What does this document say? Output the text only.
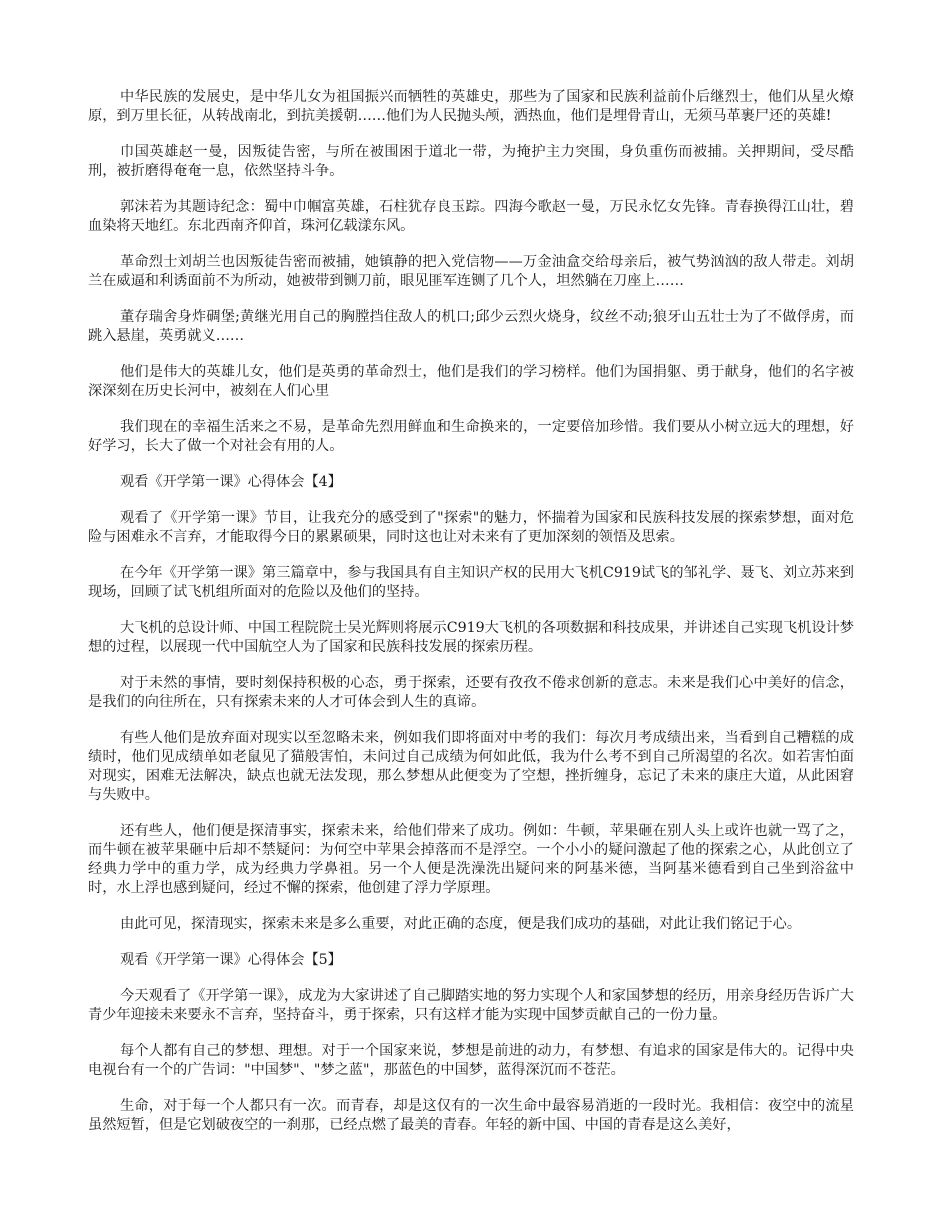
中华民族的发展史，是中华儿女为祖国振兴而牺牲的英雄史，那些为了国家和民族利益前仆后继烈士，他们从星火燎原，到万里长征，从转战南北，到抗美援朝……他们为人民抛头颅，洒热血，他们是埋骨青山，无须马革裹尸还的英雄!

巾国英雄赵一曼，因叛徒告密，与所在被围困于道北一带，为掩护主力突围，身负重伤而被捕。关押期间，受尽酷刑，被折磨得奄奄一息，依然坚持斗争。

郭沫若为其题诗纪念：蜀中巾帼富英雄，石柱犹存良玉踪。四海今歌赵一曼，万民永忆女先锋。青春换得江山壮，碧血染将天地红。东北西南齐仰首，珠河亿载漾东风。

革命烈士刘胡兰也因叛徒告密而被捕，她镇静的把入党信物——万金油盒交给母亲后，被气势汹汹的敌人带走。刘胡兰在威逼和利诱面前不为所动，她被带到铡刀前，眼见匪军连铡了几个人，坦然躺在刀座上……

董存瑞舍身炸碉堡;黄继光用自己的胸膛挡住敌人的机口;邱少云烈火烧身，纹丝不动;狼牙山五壮士为了不做俘虏，而跳入悬崖，英勇就义……

他们是伟大的英雄儿女，他们是英勇的革命烈士，他们是我们的学习榜样。他们为国捐躯、勇于献身，他们的名字被深深刻在历史长河中，被刻在人们心里

我们现在的幸福生活来之不易，是革命先烈用鲜血和生命换来的，一定要倍加珍惜。我们要从小树立远大的理想，好好学习，长大了做一个对社会有用的人。

观看《开学第一课》心得体会【4】

观看了《开学第一课》节目，让我充分的感受到了"探索"的魅力，怀揣着为国家和民族科技发展的探索梦想，面对危险与困难永不言弃，才能取得今日的累累硕果，同时这也让对未来有了更加深刻的领悟及思索。

在今年《开学第一课》第三篇章中，参与我国具有自主知识产权的民用大飞机C919试飞的邹礼学、聂飞、刘立苏来到现场，回顾了试飞机组所面对的危险以及他们的坚持。

大飞机的总设计师、中国工程院院士吴光辉则将展示C919大飞机的各项数据和科技成果，并讲述自己实现飞机设计梦想的过程，以展现一代中国航空人为了国家和民族科技发展的探索历程。

对于未然的事情，要时刻保持积极的心态，勇于探索，还要有孜孜不倦求创新的意志。未来是我们心中美好的信念，是我们的向往所在，只有探索未来的人才可体会到人生的真谛。

有些人他们是放弃面对现实以至忽略未来，例如我们即将面对中考的我们：每次月考成绩出来，当看到自己糟糕的成绩时，他们见成绩单如老鼠见了猫般害怕，未问过自己成绩为何如此低，我为什么考不到自己所渴望的名次。如若害怕面对现实，困难无法解决，缺点也就无法发现，那么梦想从此便变为了空想，挫折缠身，忘记了未来的康庄大道，从此困窘与失败中。

还有些人，他们便是探清事实，探索未来，给他们带来了成功。例如：牛顿，苹果砸在别人头上或许也就一骂了之，而牛顿在被苹果砸中后却不禁疑问：为何空中苹果会掉落而不是浮空。一个小小的疑问激起了他的探索之心，从此创立了经典力学中的重力学，成为经典力学鼻祖。另一个人便是洗澡洗出疑问来的阿基米德，当阿基米德看到自己坐到浴盆中时，水上浮也感到疑问，经过不懈的探索，他创建了浮力学原理。

由此可见，探清现实，探索未来是多么重要，对此正确的态度，便是我们成功的基础，对此让我们铭记于心。

观看《开学第一课》心得体会【5】

今天观看了《开学第一课》，成龙为大家讲述了自己脚踏实地的努力实现个人和家国梦想的经历，用亲身经历告诉广大青少年迎接未来要永不言弃，坚持奋斗，勇于探索，只有这样才能为实现中国梦贡献自己的一份力量。

每个人都有自己的梦想、理想。对于一个国家来说，梦想是前进的动力，有梦想、有追求的国家是伟大的。记得中央电视台有一个的广告词："中国梦"、"梦之蓝"，那蓝色的中国梦，蓝得深沉而不苍茫。

生命，对于每一个人都只有一次。而青春，却是这仅有的一次生命中最容易消逝的一段时光。我相信：夜空中的流星虽然短暂，但是它划破夜空的一刹那，已经点燃了最美的青春。年轻的新中国、中国的青春是这么美好，
